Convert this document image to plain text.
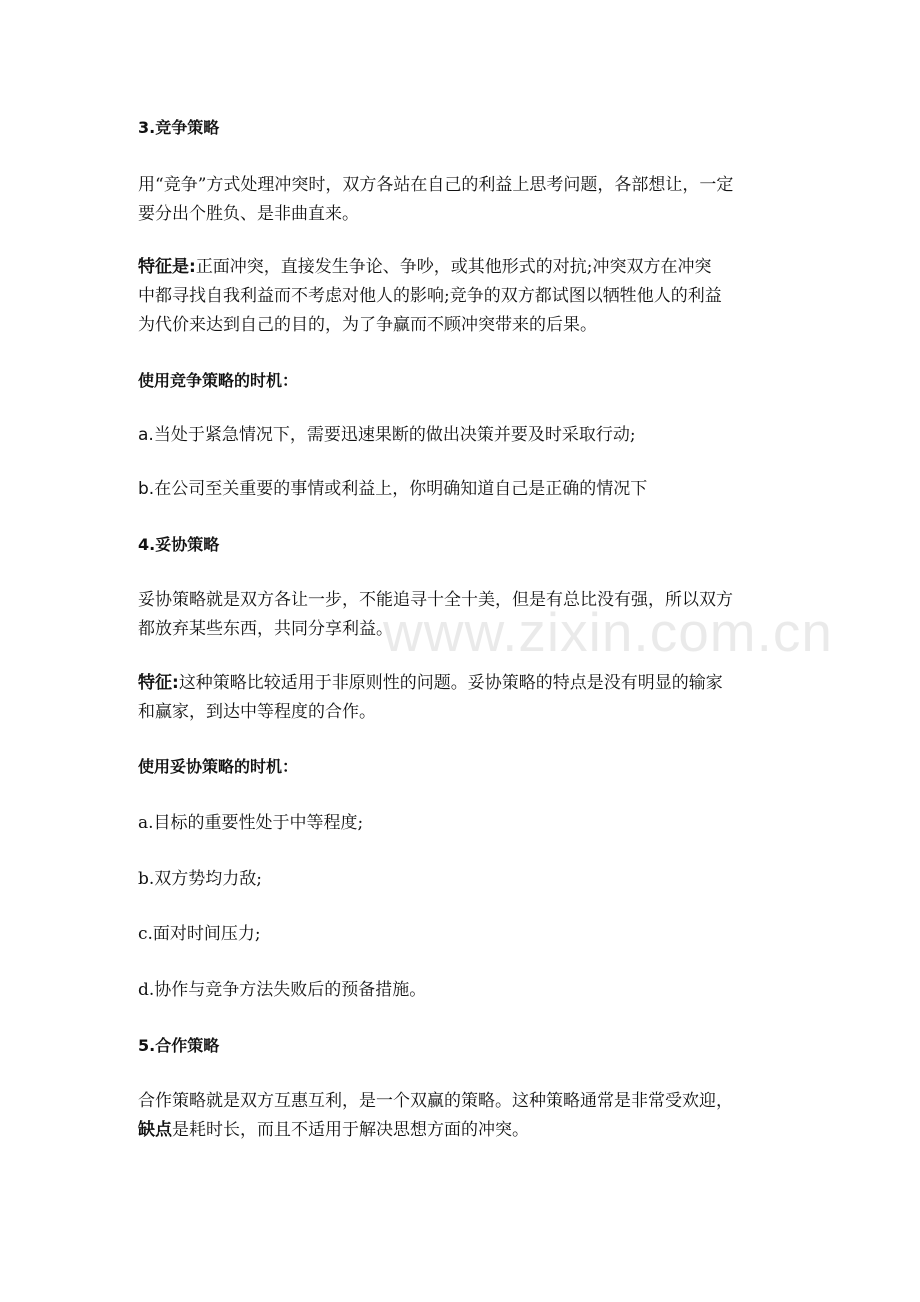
3.竞争策略
用“竞争”方式处理冲突时，双方各站在自己的利益上思考问题，各部想让，一定
要分出个胜负、是非曲直来。
特征是:正面冲突，直接发生争论、争吵，或其他形式的对抗;冲突双方在冲突
中都寻找自我利益而不考虑对他人的影响;竞争的双方都试图以牺牲他人的利益
为代价来达到自己的目的，为了争赢而不顾冲突带来的后果。
使用竞争策略的时机：
a.当处于紧急情况下，需要迅速果断的做出决策并要及时采取行动;
b.在公司至关重要的事情或利益上，你明确知道自己是正确的情况下
4.妥协策略
妥协策略就是双方各让一步，不能追寻十全十美，但是有总比没有强，所以双方
都放弃某些东西，共同分享利益。
特征:这种策略比较适用于非原则性的问题。妥协策略的特点是没有明显的输家
和赢家，到达中等程度的合作。
使用妥协策略的时机：
a.目标的重要性处于中等程度;
b.双方势均力敌;
c.面对时间压力;
d.协作与竞争方法失败后的预备措施。
5.合作策略
合作策略就是双方互惠互利，是一个双赢的策略。这种策略通常是非常受欢迎，
缺点是耗时长，而且不适用于解决思想方面的冲突。
www.zixin.com.cn
